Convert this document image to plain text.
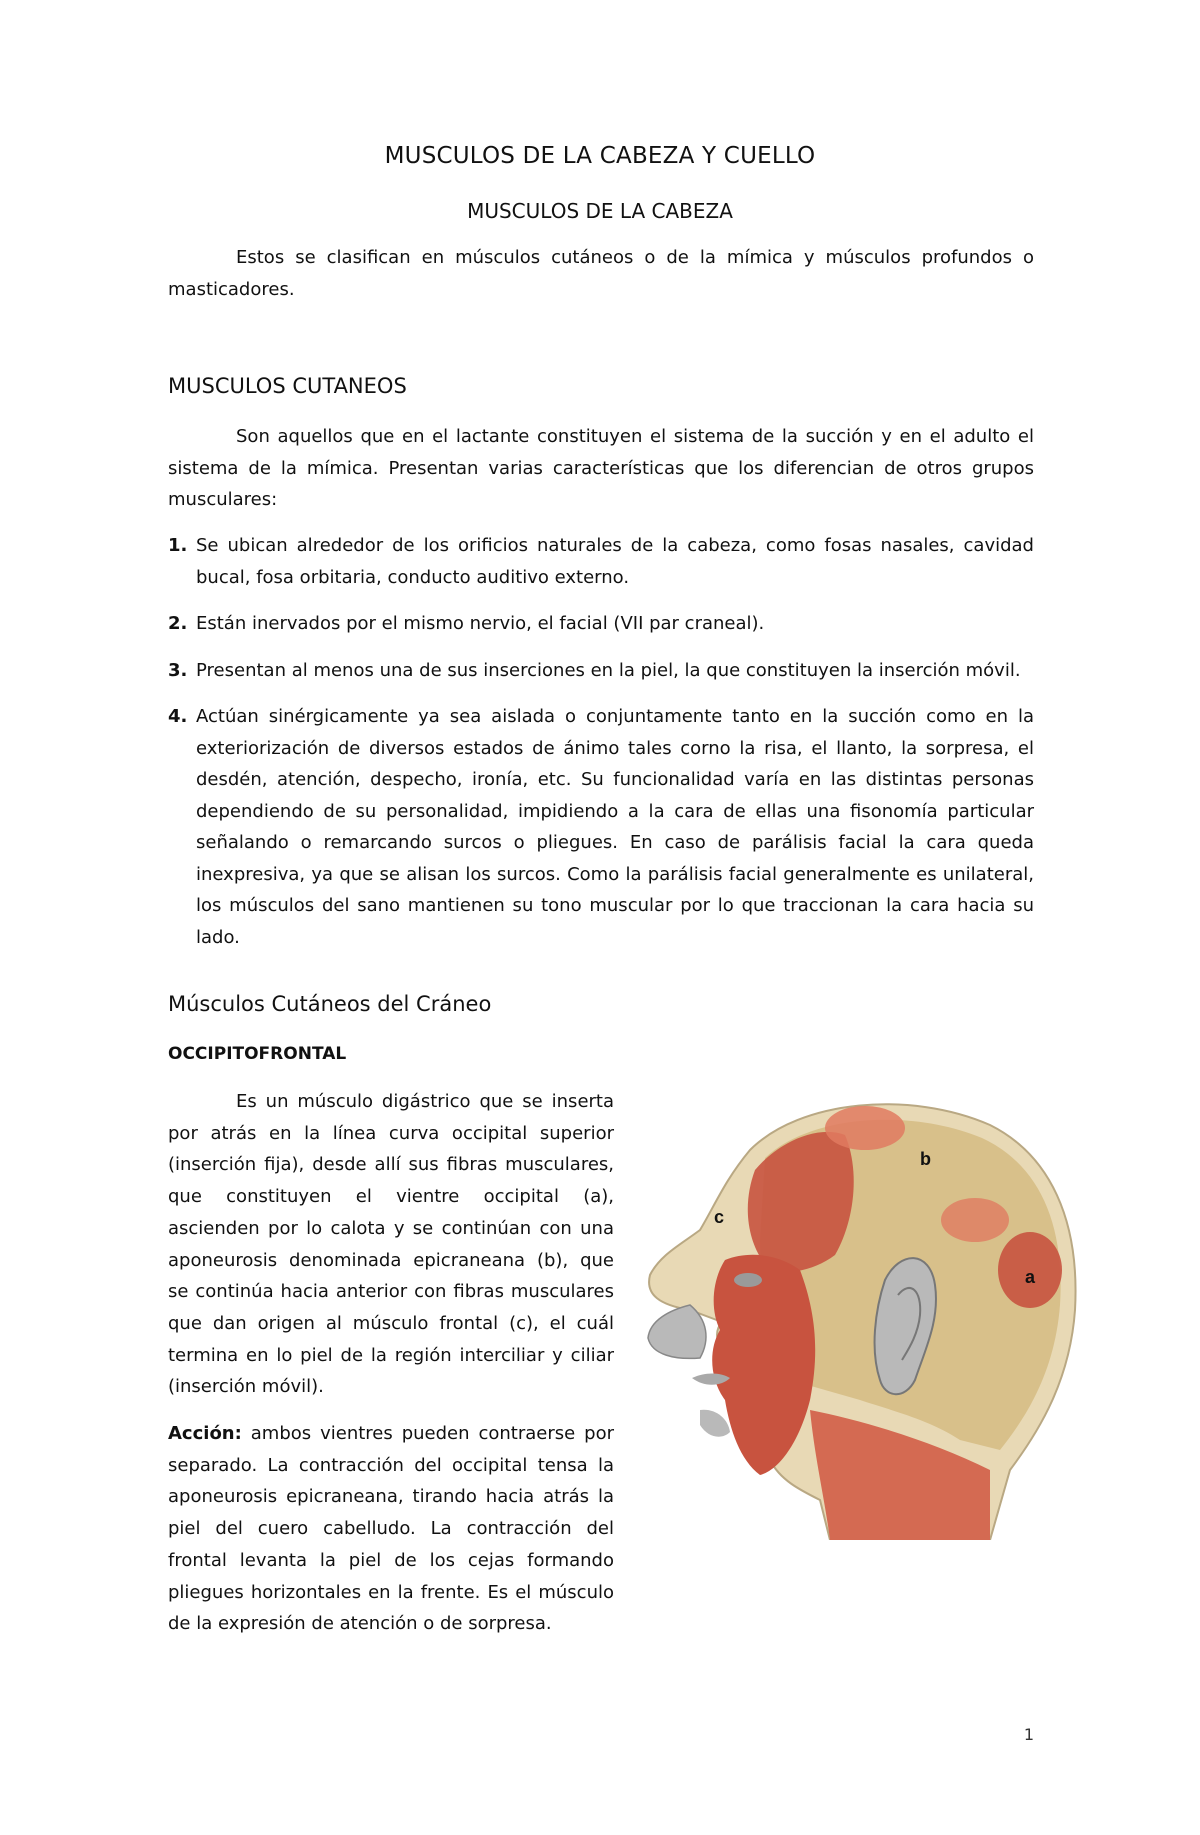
MUSCULOS DE LA CABEZA Y CUELLO
MUSCULOS DE LA CABEZA

Estos se clasifican en músculos cutáneos o de la mímica y músculos profundos o masticadores.

MUSCULOS CUTANEOS

Son aquellos que en el lactante constituyen el sistema de la succión y en el adulto el sistema de la mímica. Presentan varias características que los diferencian de otros grupos musculares:

1. Se ubican alrededor de los orificios naturales de la cabeza, como fosas nasales, cavidad bucal, fosa orbitaria, conducto auditivo externo.
2. Están inervados por el mismo nervio, el facial (VII par craneal).
3. Presentan al menos una de sus inserciones en la piel, la que constituyen la inserción móvil.
4. Actúan sinérgicamente ya sea aislada o conjuntamente tanto en la succión como en la exteriorización de diversos estados de ánimo tales corno la risa, el llanto, la sorpresa, el desdén, atención, despecho, ironía, etc. Su funcionalidad varía en las distintas personas dependiendo de su personalidad, impidiendo a la cara de ellas una fisonomía particular señalando o remarcando surcos o pliegues. En caso de parálisis facial la cara queda inexpresiva, ya que se alisan los surcos. Como la parálisis facial generalmente es unilateral, los músculos del sano mantienen su tono muscular por lo que traccionan la cara hacia su lado.
Músculos Cutáneos del Cráneo
OCCIPITOFRONTAL

Es un músculo digástrico que se inserta por atrás en la línea curva occipital superior (inserción fija), desde allí sus fibras musculares, que constituyen el vientre occipital (a), ascienden por lo calota y se continúan con una aponeurosis denominada epicraneana (b), que se continúa hacia anterior con fibras musculares que dan origen al músculo frontal (c), el cuál termina en lo piel de la región interciliar y ciliar (inserción móvil).

Acción: ambos vientres pueden contraerse por separado. La contracción del occipital tensa la aponeurosis epicraneana, tirando hacia atrás la piel del cuero cabelludo. La contracción del frontal levanta la piel de los cejas formando pliegues horizontales en la frente. Es el músculo de la expresión de atención o de sorpresa.

c
b
a
1
